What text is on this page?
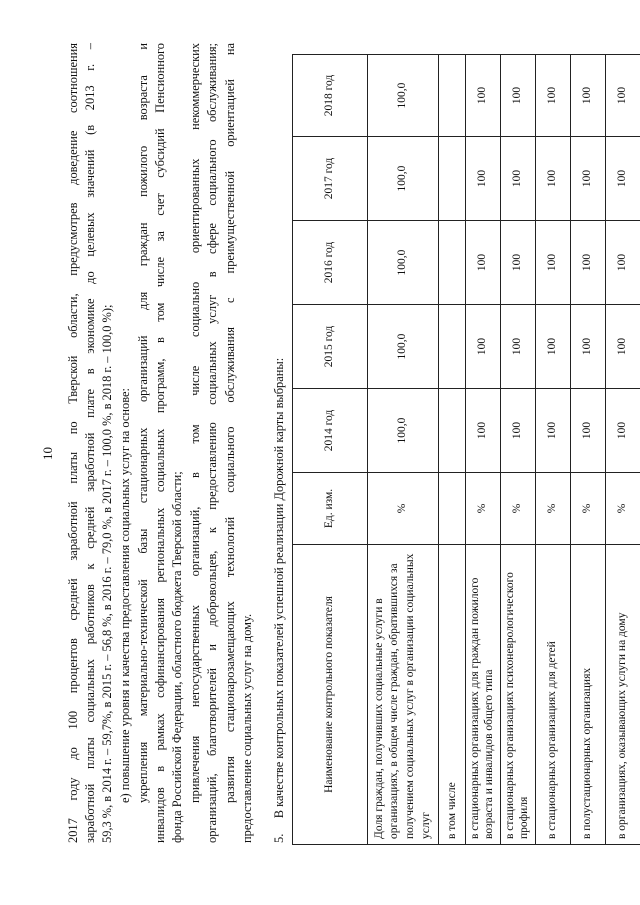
10 2017 году до 100 процентов средней заработной платы по Тверской области, предусмотрев доведение соотношения заработной платы социальных работников к средней заработной плате в экономике до целевых значений (в 2013 г. – 59,3 %, в 2014 г. – 59,7%, в 2015 г. – 56,8 %, в 2016 г. – 79,0 %, в 2017 г. – 100,0 %, в 2018 г. – 100,0 %); е) повышение уровня и качества предоставления социальных услуг на основе: укрепления материально-технической базы стационарных организаций для граждан пожилого возраста и инвалидов в рамках софинансирования региональных социальных программ, в том числе за счет субсидий Пенсионного фонда Российской Федерации, областного бюджета Тверской области; привлечения негосударственных организаций, в том числе социально ориентированных некоммерческих организаций, благотворителей и добровольцев, к предоставлению социальных услуг в сфере социального обслуживания; развития стационарозамещающих технологий социального обслуживания с преимущественной ориентацией на предоставление социальных услуг на дому. 5.     В качестве контрольных показателей успешной реализации Дорожной карты выбраны:	Наименование контрольного показателя	Ед. изм.	2014 год	2015 год	2016 год	2017 год	2018 год
Доля граждан, получивших социальные услуги в организациях, в общем числе граждан, обратившихся за получением социальных услуг в организации социальных услуг	%	100,0	100,0	100,0	100,0	100,0
в том числе						
в стационарных организациях для граждан пожилого возраста и инвалидов общего типа	%	100	100	100	100	100
в стационарных организациях психоневрологического профиля	%	100	100	100	100	100
в стационарных организациях для детей	%	100	100	100	100	100
в полустационарных организациях	%	100	100	100	100	100
в организациях, оказывающих услуги на дому	%	100	100	100	100	100
